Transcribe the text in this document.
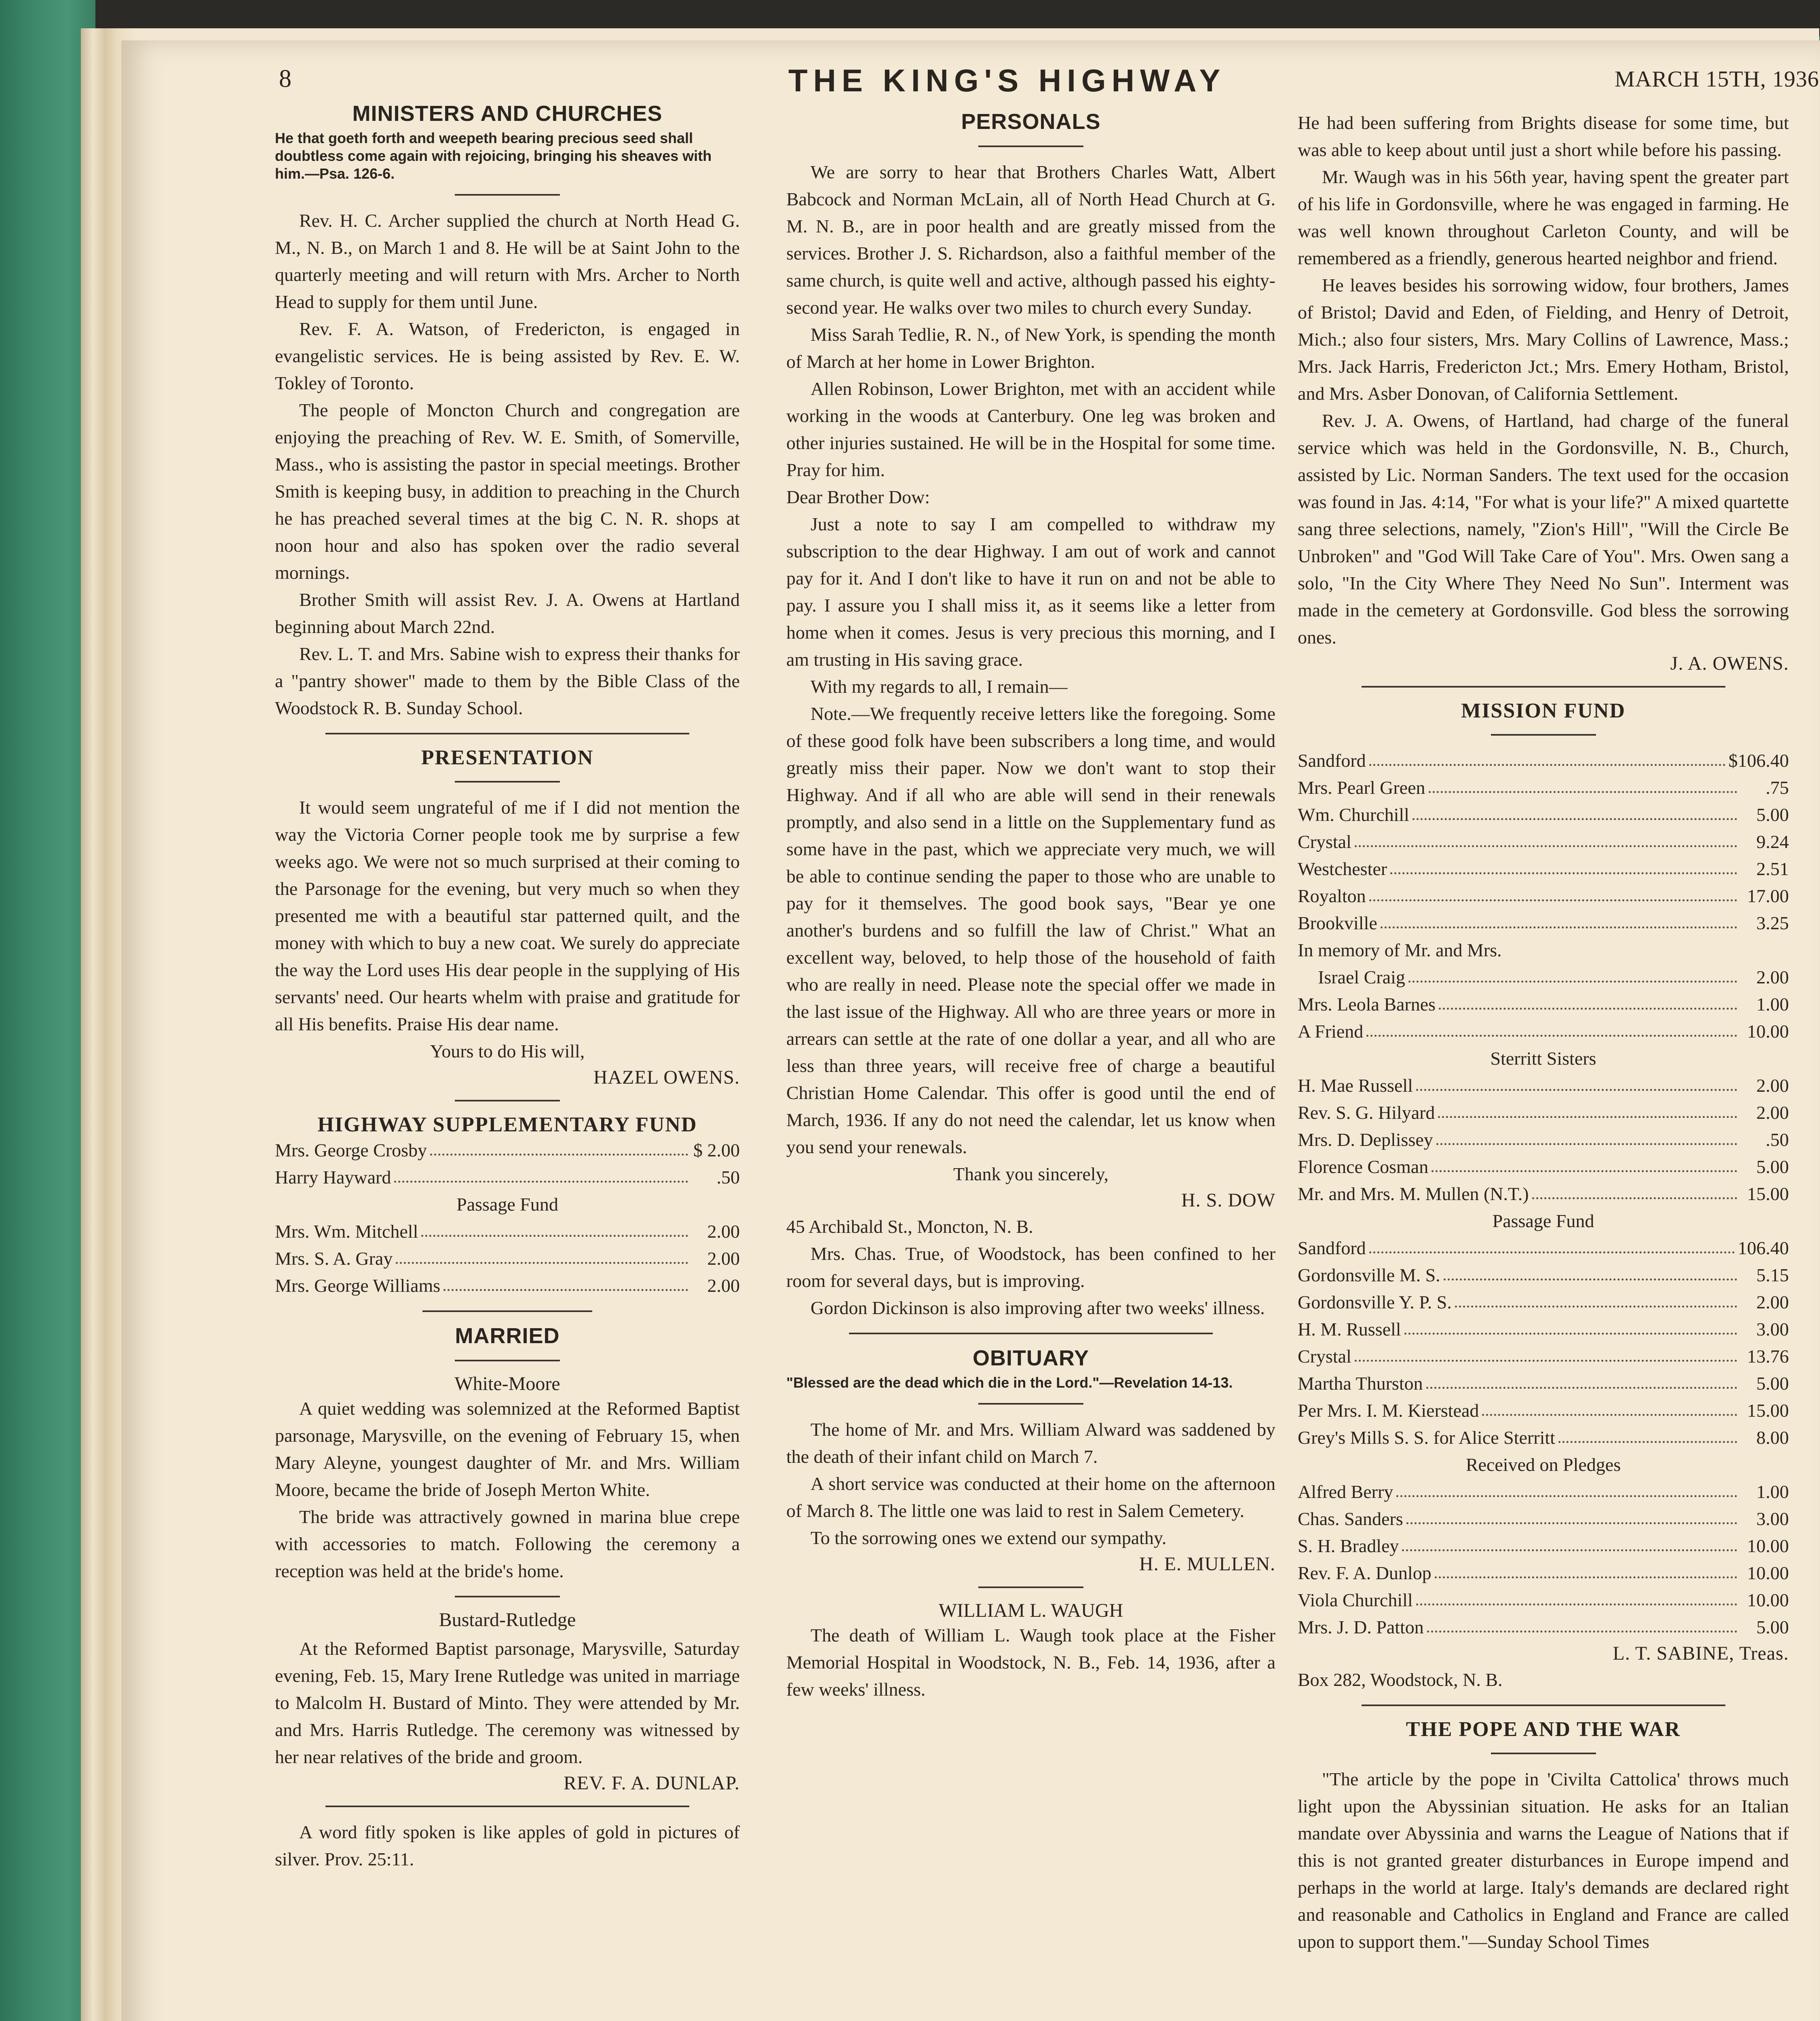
8	THE KING'S HIGHWAY	MARCH 15TH, 1936
MINISTERS AND CHURCHES

He that goeth forth and weepeth bearing precious seed shall doubtless come again with rejoicing, bringing his sheaves with him.—Psa. 126-6.

Rev. H. C. Archer supplied the church at North Head G. M., N. B., on March 1 and 8. He will be at Saint John to the quarterly meeting and will return with Mrs. Archer to North Head to supply for them until June.

Rev. F. A. Watson, of Fredericton, is engaged in evangelistic services. He is being assisted by Rev. E. W. Tokley of Toronto.

The people of Moncton Church and congregation are enjoying the preaching of Rev. W. E. Smith, of Somerville, Mass., who is assisting the pastor in special meetings. Brother Smith is keeping busy, in addition to preaching in the Church he has preached several times at the big C. N. R. shops at noon hour and also has spoken over the radio several mornings.

Brother Smith will assist Rev. J. A. Owens at Hartland beginning about March 22nd.

Rev. L. T. and Mrs. Sabine wish to express their thanks for a "pantry shower" made to them by the Bible Class of the Woodstock R. B. Sunday School.

PRESENTATION

It would seem ungrateful of me if I did not mention the way the Victoria Corner people took me by surprise a few weeks ago. We were not so much surprised at their coming to the Parsonage for the evening, but very much so when they presented me with a beautiful star patterned quilt, and the money with which to buy a new coat. We surely do appreciate the way the Lord uses His dear people in the supplying of His servants' need. Our hearts whelm with praise and gratitude for all His benefits. Praise His dear name.

Yours to do His will,

HAZEL OWENS.

HIGHWAY SUPPLEMENTARY FUND
Mrs. George Crosby	$ 2.00
Harry Hayward	.50
Passage Fund
Mrs. Wm. Mitchell	2.00
Mrs. S. A. Gray	2.00
Mrs. George Williams	2.00
MARRIED
White-Moore

A quiet wedding was solemnized at the Reformed Baptist parsonage, Marysville, on the evening of February 15, when Mary Aleyne, youngest daughter of Mr. and Mrs. William Moore, became the bride of Joseph Merton White.

The bride was attractively gowned in marina blue crepe with accessories to match. Following the ceremony a reception was held at the bride's home.

Bustard-Rutledge

At the Reformed Baptist parsonage, Marysville, Saturday evening, Feb. 15, Mary Irene Rutledge was united in marriage to Malcolm H. Bustard of Minto. They were attended by Mr. and Mrs. Harris Rutledge. The ceremony was witnessed by her near relatives of the bride and groom.

REV. F. A. DUNLAP.

A word fitly spoken is like apples of gold in pictures of silver. Prov. 25:11.

PERSONALS

We are sorry to hear that Brothers Charles Watt, Albert Babcock and Norman McLain, all of North Head Church at G. M. N. B., are in poor health and are greatly missed from the services. Brother J. S. Richardson, also a faithful member of the same church, is quite well and active, although passed his eighty-second year. He walks over two miles to church every Sunday.

Miss Sarah Tedlie, R. N., of New York, is spending the month of March at her home in Lower Brighton.

Allen Robinson, Lower Brighton, met with an accident while working in the woods at Canterbury. One leg was broken and other injuries sustained. He will be in the Hospital for some time. Pray for him.

Dear Brother Dow:

Just a note to say I am compelled to withdraw my subscription to the dear Highway. I am out of work and cannot pay for it. And I don't like to have it run on and not be able to pay. I assure you I shall miss it, as it seems like a letter from home when it comes. Jesus is very precious this morning, and I am trusting in His saving grace.

With my regards to all, I remain—

Note.—We frequently receive letters like the foregoing. Some of these good folk have been subscribers a long time, and would greatly miss their paper. Now we don't want to stop their Highway. And if all who are able will send in their renewals promptly, and also send in a little on the Supplementary fund as some have in the past, which we appreciate very much, we will be able to continue sending the paper to those who are unable to pay for it themselves. The good book says, "Bear ye one another's burdens and so fulfill the law of Christ." What an excellent way, beloved, to help those of the household of faith who are really in need. Please note the special offer we made in the last issue of the Highway. All who are three years or more in arrears can settle at the rate of one dollar a year, and all who are less than three years, will receive free of charge a beautiful Christian Home Calendar. This offer is good until the end of March, 1936. If any do not need the calendar, let us know when you send your renewals.

Thank you sincerely,

H. S. DOW

45 Archibald St., Moncton, N. B.

Mrs. Chas. True, of Woodstock, has been confined to her room for several days, but is improving.

Gordon Dickinson is also improving after two weeks' illness.

OBITUARY

"Blessed are the dead which die in the Lord."—Revelation 14-13.

The home of Mr. and Mrs. William Alward was saddened by the death of their infant child on March 7.

A short service was conducted at their home on the afternoon of March 8. The little one was laid to rest in Salem Cemetery.

To the sorrowing ones we extend our sympathy.

H. E. MULLEN.

WILLIAM L. WAUGH

The death of William L. Waugh took place at the Fisher Memorial Hospital in Woodstock, N. B., Feb. 14, 1936, after a few weeks' illness.

He had been suffering from Brights disease for some time, but was able to keep about until just a short while before his passing.

Mr. Waugh was in his 56th year, having spent the greater part of his life in Gordonsville, where he was engaged in farming. He was well known throughout Carleton County, and will be remembered as a friendly, generous hearted neighbor and friend.

He leaves besides his sorrowing widow, four brothers, James of Bristol; David and Eden, of Fielding, and Henry of Detroit, Mich.; also four sisters, Mrs. Mary Collins of Lawrence, Mass.; Mrs. Jack Harris, Fredericton Jct.; Mrs. Emery Hotham, Bristol, and Mrs. Asber Donovan, of California Settlement.

Rev. J. A. Owens, of Hartland, had charge of the funeral service which was held in the Gordonsville, N. B., Church, assisted by Lic. Norman Sanders. The text used for the occasion was found in Jas. 4:14, "For what is your life?" A mixed quartette sang three selections, namely, "Zion's Hill", "Will the Circle Be Unbroken" and "God Will Take Care of You". Mrs. Owen sang a solo, "In the City Where They Need No Sun". Interment was made in the cemetery at Gordonsville. God bless the sorrowing ones.

J. A. OWENS.

MISSION FUND
Sandford	$106.40
Mrs. Pearl Green	.75
Wm. Churchill	5.00
Crystal	9.24
Westchester	2.51
Royalton	17.00
Brookville	3.25
In memory of Mr. and Mrs.
Israel Craig	2.00
Mrs. Leola Barnes	1.00
A Friend	10.00
Sterritt Sisters
H. Mae Russell	2.00
Rev. S. G. Hilyard	2.00
Mrs. D. Deplissey	.50
Florence Cosman	5.00
Mr. and Mrs. M. Mullen (N.T.)	15.00
Passage Fund
Sandford	106.40
Gordonsville M. S.	5.15
Gordonsville Y. P. S.	2.00
H. M. Russell	3.00
Crystal	13.76
Martha Thurston	5.00
Per Mrs. I. M. Kierstead	15.00
Grey's Mills S. S. for Alice Sterritt	8.00
Received on Pledges
Alfred Berry	1.00
Chas. Sanders	3.00
S. H. Bradley	10.00
Rev. F. A. Dunlop	10.00
Viola Churchill	10.00
Mrs. J. D. Patton	5.00

L. T. SABINE, Treas.

Box 282, Woodstock, N. B.

THE POPE AND THE WAR

"The article by the pope in 'Civilta Cattolica' throws much light upon the Abyssinian situation. He asks for an Italian mandate over Abyssinia and warns the League of Nations that if this is not granted greater disturbances in Europe impend and perhaps in the world at large. Italy's demands are declared right and reasonable and Catholics in England and France are called upon to support them."—Sunday School Times
